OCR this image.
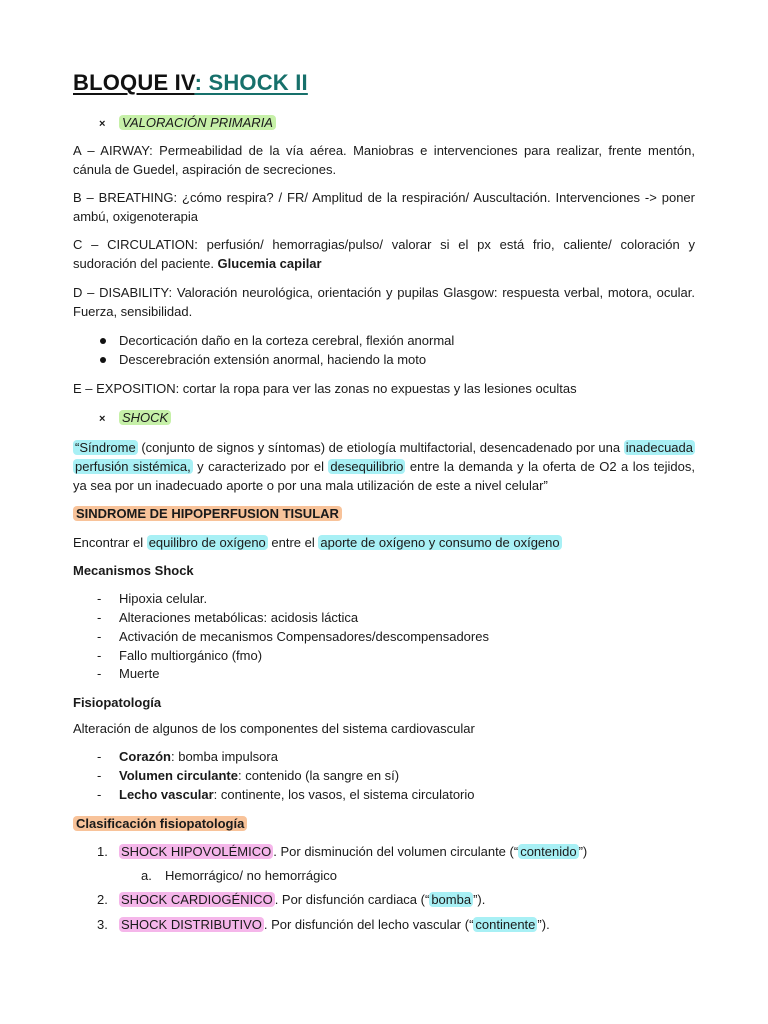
BLOQUE IV: SHOCK II
× VALORACIÓN PRIMARIA

A – AIRWAY: Permeabilidad de la vía aérea. Maniobras e intervenciones para realizar, frente mentón, cánula de Guedel, aspiración de secreciones.

B – BREATHING: ¿cómo respira? / FR/ Amplitud de la respiración/ Auscultación. Intervenciones -> poner ambú, oxigenoterapia

C – CIRCULATION: perfusión/ hemorragias/pulso/ valorar si el px está frio, caliente/ coloración y sudoración del paciente. Glucemia capilar

D – DISABILITY: Valoración neurológica, orientación y pupilas Glasgow: respuesta verbal, motora, ocular. Fuerza, sensibilidad.

Decorticación daño en la corteza cerebral, flexión anormal
Descerebración extensión anormal, haciendo la moto

E – EXPOSITION: cortar la ropa para ver las zonas no expuestas y las lesiones ocultas

× SHOCK

“Síndrome (conjunto de signos y síntomas) de etiología multifactorial, desencadenado por una inadecuada perfusión sistémica, y caracterizado por el desequilibrio entre la demanda y la oferta de O2 a los tejidos, ya sea por un inadecuado aporte o por una mala utilización de este a nivel celular”

SINDROME DE HIPOPERFUSION TISULAR

Encontrar el equilibro de oxígeno entre el aporte de oxígeno y consumo de oxígeno

Mecanismos Shock

- Hipoxia celular.
- Alteraciones metabólicas: acidosis láctica
- Activación de mecanismos Compensadores/descompensadores
- Fallo multiorgánico (fmo)
- Muerte

Fisiopatología

Alteración de algunos de los componentes del sistema cardiovascular

- Corazón: bomba impulsora
- Volumen circulante: contenido (la sangre en sí)
- Lecho vascular: continente, los vasos, el sistema circulatorio

Clasificación fisiopatología

1. SHOCK HIPOVOLÉMICO . Por disminución del volumen circulante (“ contenido ”)
a. Hemorrágico/ no hemorrágico
2. SHOCK CARDIOGÉNICO . Por disfunción cardiaca (“ bomba ”).
3. SHOCK DISTRIBUTIVO . Por disfunción del lecho vascular (“ continente ”).
